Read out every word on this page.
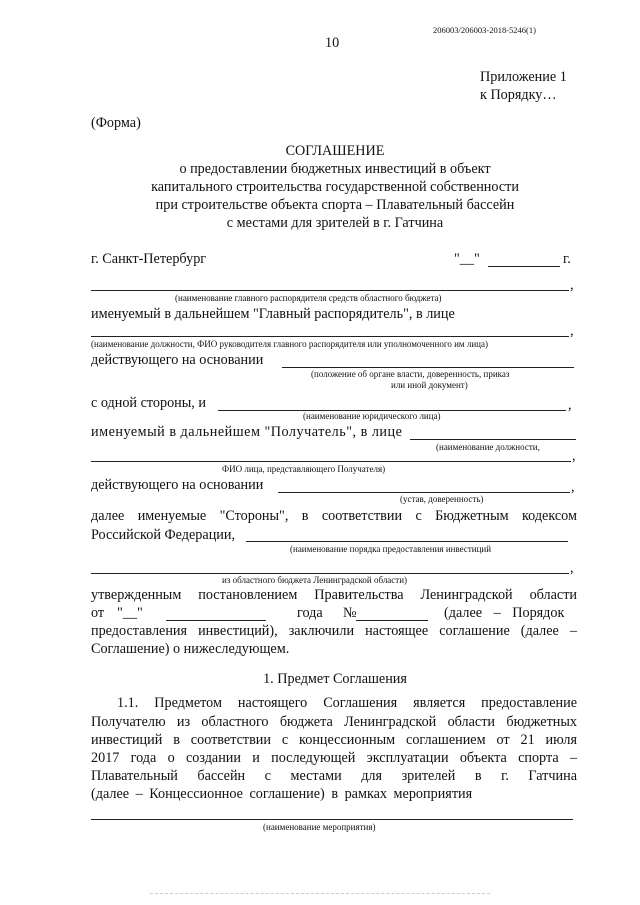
206003/206003-2018-5246(1)
10
Приложение 1
к Порядку…
(Форма)
СОГЛАШЕНИЕ
о предоставлении бюджетных инвестиций в объект
капитального строительства государственной собственности
при строительстве объекта спорта – Плавательный бассейн
с местами для зрителей в г. Гатчина
г. Санкт-Петербург	"__"	г.
,
(наименование главного распорядителя средств областного бюджета)
именуемый в дальнейшем "Главный распорядитель", в лице
,
(наименование должности, ФИО руководителя главного распорядителя или уполномоченного им лица)
действующего на основании
(положение об органе власти, доверенность, приказ
или иной документ)
с одной стороны, и	,
(наименование юридического лица)
именуемый в дальнейшем "Получатель", в лице
(наименование должности,
,
ФИО лица, представляющего Получателя)
действующего на основании	,
(устав, доверенность)
далее именуемые "Стороны", в соответствии с Бюджетным кодексом
Российской Федерации,
(наименование порядка предоставления инвестиций
,
из областного бюджета Ленинградской области)
утвержденным постановлением Правительства Ленинградской области
от "__"	года №	(далее – Порядок
предоставления инвестиций), заключили настоящее соглашение (далее –
Соглашение) о нижеследующем.
1. Предмет Соглашения
1.1. Предметом настоящего Соглашения является предоставление
Получателю из областного бюджета Ленинградской области бюджетных
инвестиций в соответствии с концессионным соглашением от 21 июля
2017 года о создании и последующей эксплуатации объекта спорта –
Плавательный бассейн с местами для зрителей в г. Гатчина
(далее – Концессионное соглашение) в рамках мероприятия
(наименование мероприятия)
